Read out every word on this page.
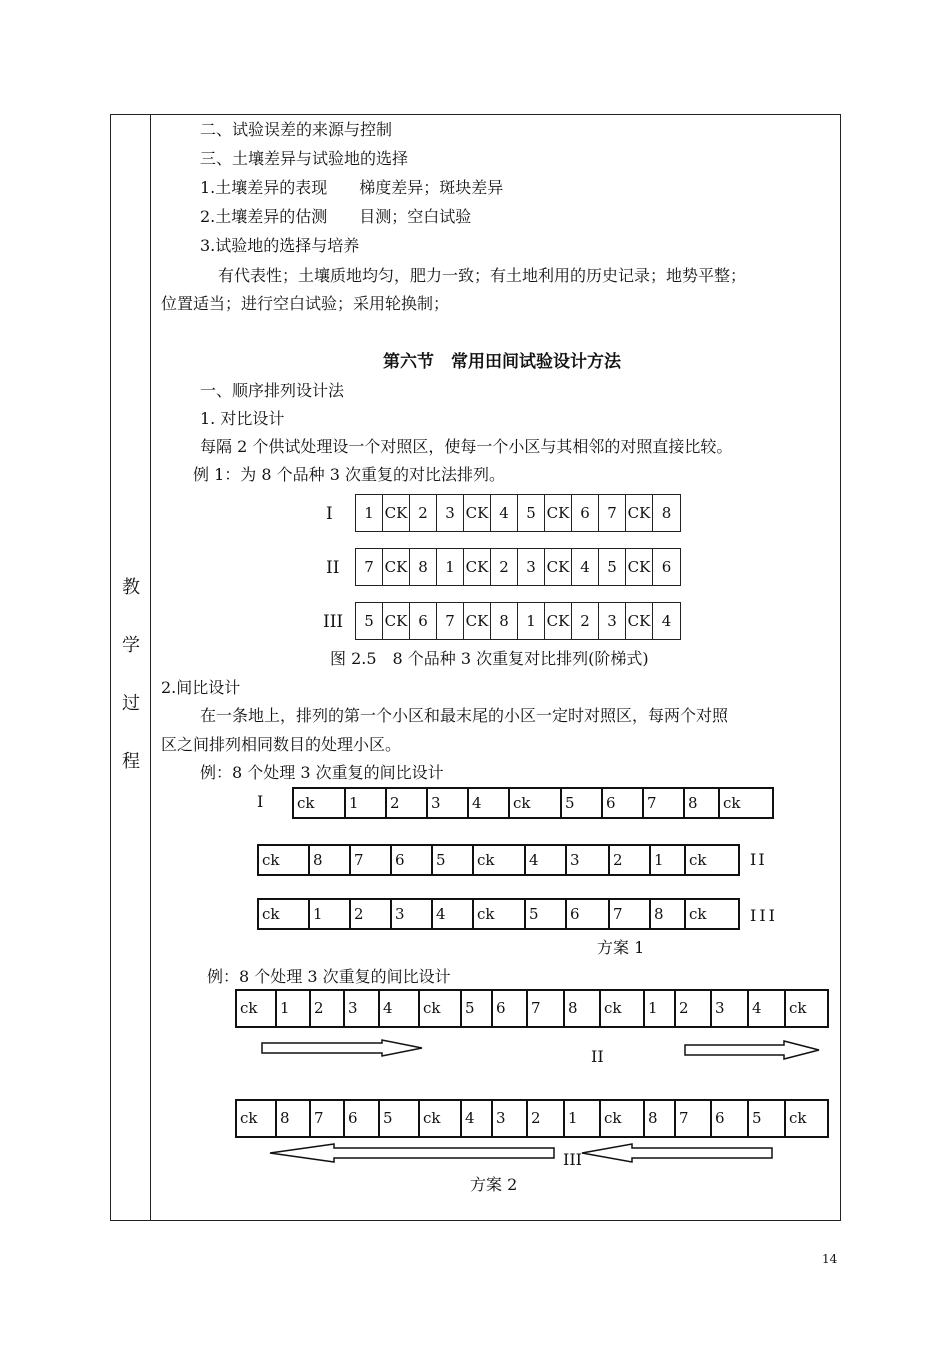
教
学
过
程
二、试验误差的来源与控制
三、土壤差异与试验地的选择
1.土壤差异的表现　　梯度差异；斑块差异
2.土壤差异的估测　　目测；空白试验
3.试验地的选择与培养
有代表性；土壤质地均匀，肥力一致；有土地利用的历史记录；地势平整；
位置适当；进行空白试验；采用轮换制；
第六节　常用田间试验设计方法
一、顺序排列设计法
1. 对比设计
每隔 2 个供试处理设一个对照区，使每一个小区与其相邻的对照直接比较。
例 1：为 8 个品种 3 次重复的对比法排列。
I	1 CK 2	3 CK 4	5 CK 6	7 CK 8
II	7 CK 8	1 CK 2	3 CK 4	5 CK 6
III	5 CK 6	7 CK 8	1 CK 2	3 CK 4
图 2.5　8 个品种 3 次重复对比排列(阶梯式)
2.间比设计
在一条地上，排列的第一个小区和最末尾的小区一定时对照区，每两个对照
区之间排列相同数目的处理小区。
例：8 个处理 3 次重复的间比设计
I ck	1	2	3	4	ck	5	6	7	8	ck
ck	8	7	6	5	ck	4	3	2	1	ck	II
ck	1	2	3	4	ck	5	6	7	8	ck	III
方案 1
例：8 个处理 3 次重复的间比设计
ck	1	2	3	4	ck	5	6	7	8	ck	1	2	3	4	ck
II
ck	8	7	6	5	ck	4	3	2	1	ck	8	7	6	5	ck
III
方案 2
14
